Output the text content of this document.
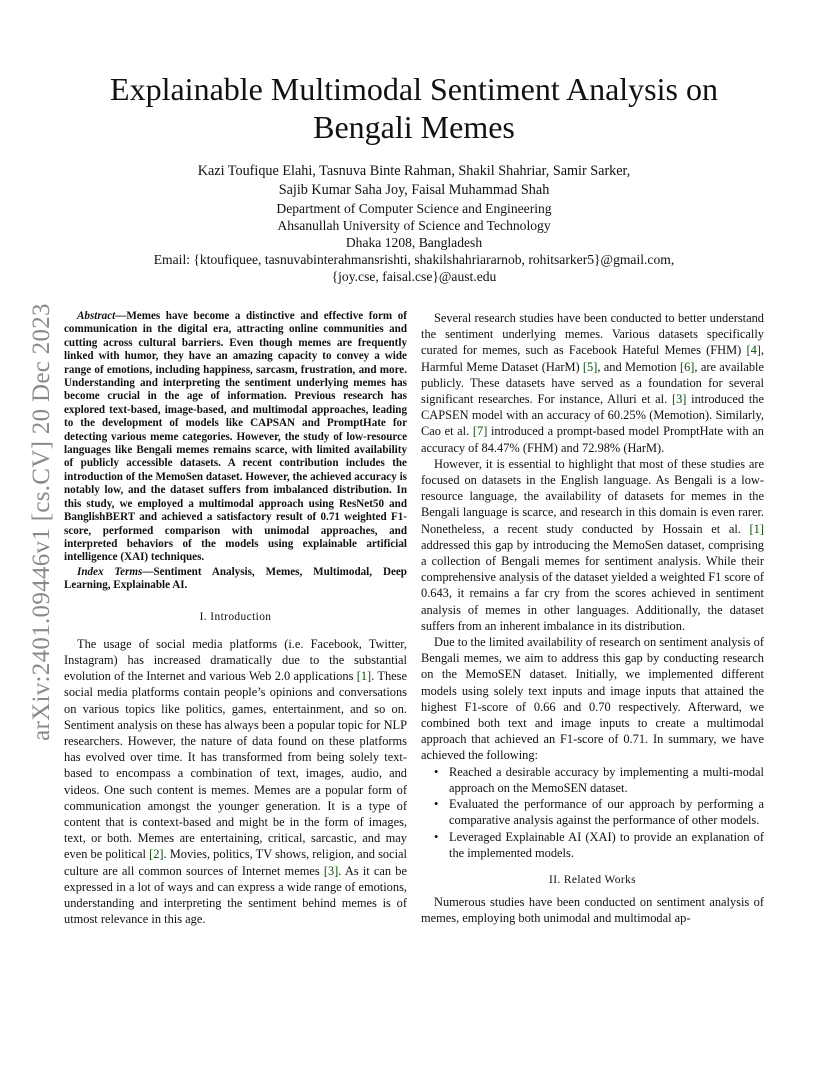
arXiv:2401.09446v1 [cs.CV] 20 Dec 2023
Explainable Multimodal Sentiment Analysis on
Bengali Memes
Kazi Toufique Elahi, Tasnuva Binte Rahman, Shakil Shahriar, Samir Sarker,
Sajib Kumar Saha Joy, Faisal Muhammad Shah
Department of Computer Science and Engineering
Ahsanullah University of Science and Technology
Dhaka 1208, Bangladesh
Email: {ktoufiquee, tasnuvabinterahmansrishti, shakilshahriararnob, rohitsarker5}@gmail.com,
{joy.cse, faisal.cse}@aust.edu

Abstract—Memes have become a distinctive and effective form of communication in the digital era, attracting online communities and cutting across cultural barriers. Even though memes are frequently linked with humor, they have an amazing capacity to convey a wide range of emotions, including happiness, sarcasm, frustration, and more. Understanding and interpreting the sentiment underlying memes has become crucial in the age of information. Previous research has explored text-based, image-based, and multimodal approaches, leading to the development of models like CAPSAN and PromptHate for detecting various meme categories. However, the study of low-resource languages like Bengali memes remains scarce, with limited availability of publicly accessible datasets. A recent contribution includes the introduction of the MemoSen dataset. However, the achieved accuracy is notably low, and the dataset suffers from imbalanced distribution. In this study, we employed a multimodal approach using ResNet50 and BanglishBERT and achieved a satisfactory result of 0.71 weighted F1-score, performed comparison with unimodal approaches, and interpreted behaviors of the models using explainable artificial intelligence (XAI) techniques.

Index Terms—Sentiment Analysis, Memes, Multimodal, Deep Learning, Explainable AI.

I. Introduction

The usage of social media platforms (i.e. Facebook, Twitter, Instagram) has increased dramatically due to the substantial evolution of the Internet and various Web 2.0 applications [1]. These social media platforms contain people’s opinions and conversations on various topics like politics, games, entertainment, and so on. Sentiment analysis on these has always been a popular topic for NLP researchers. However, the nature of data found on these platforms has evolved over time. It has transformed from being solely text-based to encompass a combination of text, images, audio, and videos. One such content is memes. Memes are a popular form of communication amongst the younger generation. It is a type of content that is context-based and might be in the form of images, text, or both. Memes are entertaining, critical, sarcastic, and may even be political [2]. Movies, politics, TV shows, religion, and social culture are all common sources of Internet memes [3]. As it can be expressed in a lot of ways and can express a wide range of emotions, understanding and interpreting the sentiment behind memes is of utmost relevance in this age.

Several research studies have been conducted to better understand the sentiment underlying memes. Various datasets specifically curated for memes, such as Facebook Hateful Memes (FHM) [4], Harmful Meme Dataset (HarM) [5], and Memotion [6], are available publicly. These datasets have served as a foundation for several significant researches. For instance, Alluri et al. [3] introduced the CAPSEN model with an accuracy of 60.25% (Memotion). Similarly, Cao et al. [7] introduced a prompt-based model PromptHate with an accuracy of 84.47% (FHM) and 72.98% (HarM).

However, it is essential to highlight that most of these studies are focused on datasets in the English language. As Bengali is a low-resource language, the availability of datasets for memes in the Bengali language is scarce, and research in this domain is even rarer. Nonetheless, a recent study conducted by Hossain et al. [1] addressed this gap by introducing the MemoSen dataset, comprising a collection of Bengali memes for sentiment analysis. While their comprehensive analysis of the dataset yielded a weighted F1 score of 0.643, it remains a far cry from the scores achieved in sentiment analysis of memes in other languages. Additionally, the dataset suffers from an inherent imbalance in its distribution.

Due to the limited availability of research on sentiment analysis of Bengali memes, we aim to address this gap by conducting research on the MemoSEN dataset. Initially, we implemented different models using solely text inputs and image inputs that attained the highest F1-score of 0.66 and 0.70 respectively. Afterward, we combined both text and image inputs to create a multimodal approach that achieved an F1-score of 0.71. In summary, we have achieved the following:

• Reached a desirable accuracy by implementing a multi-modal approach on the MemoSEN dataset.
• Evaluated the performance of our approach by performing a comparative analysis against the performance of other models.
• Leveraged Explainable AI (XAI) to provide an explanation of the implemented models.

II. Related Works

Numerous studies have been conducted on sentiment analysis of memes, employing both unimodal and multimodal ap-
